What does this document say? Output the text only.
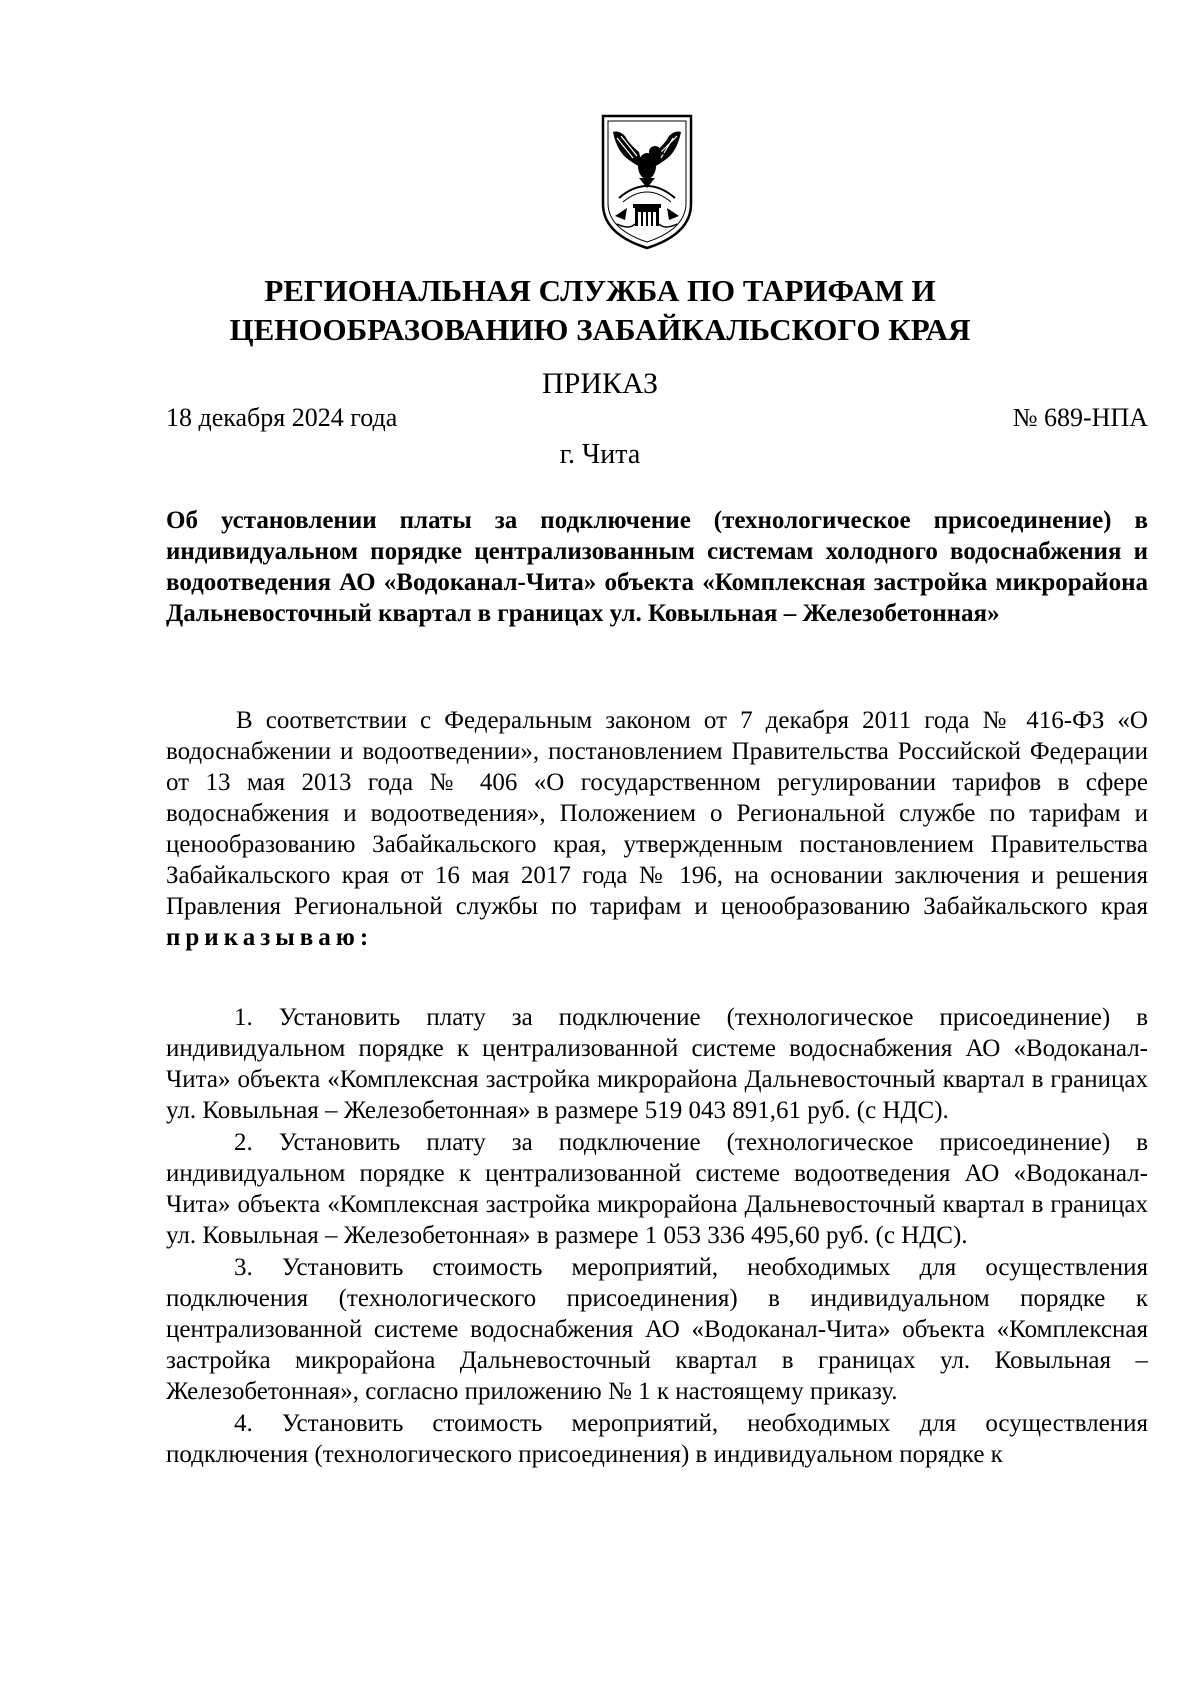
РЕГИОНАЛЬНАЯ СЛУЖБА ПО ТАРИФАМ И
ЦЕНООБРАЗОВАНИЮ ЗАБАЙКАЛЬСКОГО КРАЯ
ПРИКАЗ
18 декабря 2024 года	№ 689-НПА
г. Чита
Об установлении платы за подключение (технологическое присоединение) в индивидуальном порядке централизованным системам холодного водоснабжения и водоотведения АО «Водоканал-Чита» объекта «Комплексная застройка микрорайона Дальневосточный квартал в границах ул. Ковыльная – Железобетонная»

В соответствии с Федеральным законом от 7 декабря 2011 года № 416-ФЗ «О водоснабжении и водоотведении», постановлением Правительства Российской Федерации от 13 мая 2013 года № 406 «О государственном регулировании тарифов в сфере водоснабжения и водоотведения», Положением о Региональной службе по тарифам и ценообразованию Забайкальского края, утвержденным постановлением Правительства Забайкальского края от 16 мая 2017 года № 196, на основании заключения и решения Правления Региональной службы по тарифам и ценообразованию Забайкальского края приказываю:

1. Установить плату за подключение (технологическое присоединение) в индивидуальном порядке к централизованной системе водоснабжения АО «Водоканал-Чита» объекта «Комплексная застройка микрорайона Дальневосточный квартал в границах ул. Ковыльная – Железобетонная» в размере 519 043 891,61 руб. (с НДС).

2. Установить плату за подключение (технологическое присоединение) в индивидуальном порядке к централизованной системе водоотведения АО «Водоканал-Чита» объекта «Комплексная застройка микрорайона Дальневосточный квартал в границах ул. Ковыльная – Железобетонная» в размере 1 053 336 495,60 руб. (с НДС).

3. Установить стоимость мероприятий, необходимых для осуществления подключения (технологического присоединения) в индивидуальном порядке к централизованной системе водоснабжения АО «Водоканал-Чита» объекта «Комплексная застройка микрорайона Дальневосточный квартал в границах ул. Ковыльная – Железобетонная», согласно приложению № 1 к настоящему приказу.

4. Установить стоимость мероприятий, необходимых для осуществления подключения (технологического присоединения) в индивидуальном порядке к
